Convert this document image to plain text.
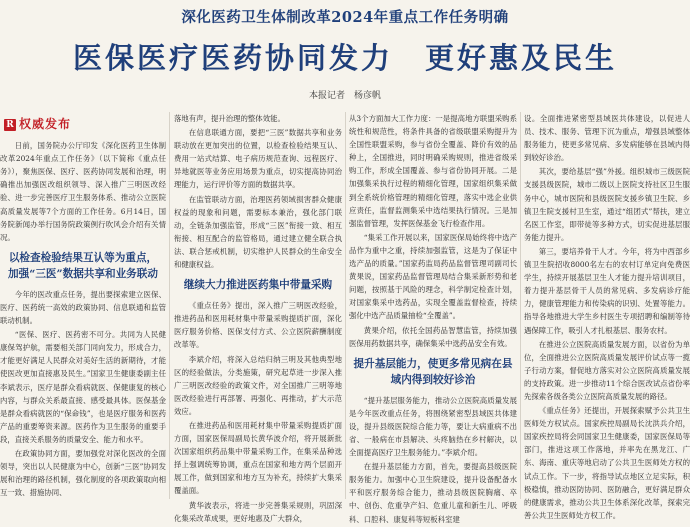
深化医药卫生体制改革2024年重点工作任务明确
医保医疗医药协同发力　更好惠及民生
本报记者　杨彦帆
R 权威发布

日前，国务院办公厅印发《深化医药卫生体制改革2024年重点工作任务》（以下简称《重点任务》），聚焦医保、医疗、医药协同发展和治理，明确推出加强医改组织领导、深入推广三明医改经验、进一步完善医疗卫生服务体系、推动公立医院高质量发展等7个方面的工作任务。6月14日，国务院新闻办举行国务院政策例行吹风会介绍有关情况。

以检查检验结果互认等为重点，加强“三医”数据共享和业务联动

今年的医改重点任务，提出要探索建立医保、医疗、医药统一高效的政策协同、信息联通和监管联动机制。

“医保、医疗、医药密不可分。共同为人民健康保驾护航，需要相关部门同向发力，形成合力，才能更好满足人民群众对美好生活的新期待，才能使医改更加直接惠及民生。”国家卫生健康委副主任李斌表示，医疗是群众看病就医、保健康复的核心内容，与群众关系最直接、感受最具体。医保基金是群众看病就医的“保命钱”，也是医疗服务和医药产品的重要筹资来源。医药作为卫生服务的重要手段，直接关系服务的质量安全、能力和水平。

在政策协同方面，要加强党对深化医改的全面领导，突出以人民健康为中心，创新“三医”协同发展和治理的路径机制，强化制度的各项政策取向相互一致、措施协同、

落地有声，提升治理的整体效能。

在信息联通方面，要把“三医”数据共享和业务联动放在更加突出的位置，以检查检验结果互认、费用一站式结算、电子病历规范查询、远程医疗、异地就医等业务应用场景为重点，切实提高协同治理能力，运行评价等方面的数据共享。

在监管联动方面，治理医药领域损害群众健康权益的现象和问题，需要标本兼治，强化部门联动，全链条加强监管，形成“三医”衔接一致、相互衔接、相互配合的监管格局，通过建立健全联合执法、联合惩戒机制，切实维护人民群众的生命安全和健康权益。

继续大力推进医药集中带量采购

《重点任务》提出，深入推广三明医改经验，推进药品和医用耗材集中带量采购提质扩面，深化医疗服务价格、医保支付方式、公立医院薪酬制度改革等。

李斌介绍，将深入总结归纳三明及其他典型地区的经验做法，分类施策，研究起草进一步深入推广三明医改经验的政策文件，对全国推广三明等地医改经验进行再部署、再强化、再推动，扩大示范效应。

在推进药品和医用耗材集中带量采购提质扩面方面，国家医保局副局长黄华波介绍，将开展新批次国家组织药品集中带量采购工作，在集采品种选择上强调统筹协调，重点在国家和地方两个层面开展工作，做到国家和地方互为补充，持续扩大集采覆盖面。

黄华波表示，将进一步完善集采规则，巩固深化集采改革成果，更好地惠及广大群众，

从3个方面加大工作力度：一是提高地方联盟采购系统性和规范性，将条件具备的省级联盟采购提升为全国性联盟采购，参与省份全覆盖、降价有效的品种上，全国推进，同时明确采购规则，推进省级采购工作，形成全国覆盖、参与省份协同开展。二是加强集采执行过程的精细化管理，国家组织集采做到全系统价格管理的精细化管理，落实中选企业供应责任，监督监测集采中选结果执行情况。三是加强监督管理，发挥医保基金飞行检查作用。

“集采工作开展以来，国家医保局始终将中选产品作为重中之重，持续加强监管，这是为了保证中选产品的质量。”国家药监局药品监督管理司副司长黄果说，国家药品监督管理局结合集采新形势和老问题，按照基于风险的理念，科学制定检查计划，对国家集采中选药品，实现全覆盖监督检查，持续强化中选产品质量抽检“全覆盖”。

黄果介绍，依托全国药品智慧监管，持续加强医保用药数据共享，确保集采中选药品安全有效。

提升基层能力，使更多常见病在县域内得到较好诊治

“提升基层服务能力，推动公立医院高质量发展是今年医改重点任务，将围绕紧密型县域医共体建设，提升县级医院综合能力等，要让大病重病不出省、一般病在市县解决、头疼脑热在乡村解决，以全面提高医疗卫生服务能力。”李斌介绍。

在提升基层能力方面，首先，要提高县级医院服务能力。加强中心卫生院建设，提升设备配备水平和医疗服务综合能力，推动县级医院胸痛、卒中、创伤、危重孕产妇、危重儿童和新生儿、呼吸科、口腔科、康复科等短板科室建

设。全面推进紧密型县域医共体建设，以促进人员、技术、服务、管理下沉为重点，增强县域整体服务能力，使更多常见病、多发病能够在县域内得到较好诊治。

其次，要给基层“强”外援。组织城市三级医院支援县级医院，城市二级以上医院支持社区卫生服务中心，城市医院和县级医院支援乡镇卫生院、乡镇卫生院支援村卫生室，通过“组团式”帮扶，建立名医工作室，即带徒等多种方式，切实促进基层服务能力提升。

第三，要培养骨干人才。今年，将为中西部乡镇卫生院招收8000名左右的农村订单定向免费医学生，持续开展基层卫生人才能力提升培训项目，着力提升基层骨干人员的常见病、多发病诊疗能力，健康管理能力和传染病的识别、处置等能力。指导各地推进大学生乡村医生专项招聘和编制等待遇保障工作，吸引人才扎根基层、服务农村。

在推进公立医院高质量发展方面，以省份为单位，全面推进公立医院高质量发展评价试点等一揽子行动方案，督促地方落实对公立医院高质量发展的支持政策。进一步推动11个综合医改试点省份率先探索各级各类公立医院高质量发展的路径。

《重点任务》还提出，开展探索赋予公共卫生医师处方权试点。国家疾控局副局长沈洪兵介绍，国家疾控局将会同国家卫生健康委，国家医保局等部门，推进这项工作落地，并率先在黑龙江、广东、海南、重庆等地启动了公共卫生医师处方权的试点工作。下一步，将指导试点地区立足实际，积极稳慎，推动医防协同、医防融合，更好满足群众的健康需求，推动公共卫生体系深化改革，探索完善公共卫生医师处方权工作。
